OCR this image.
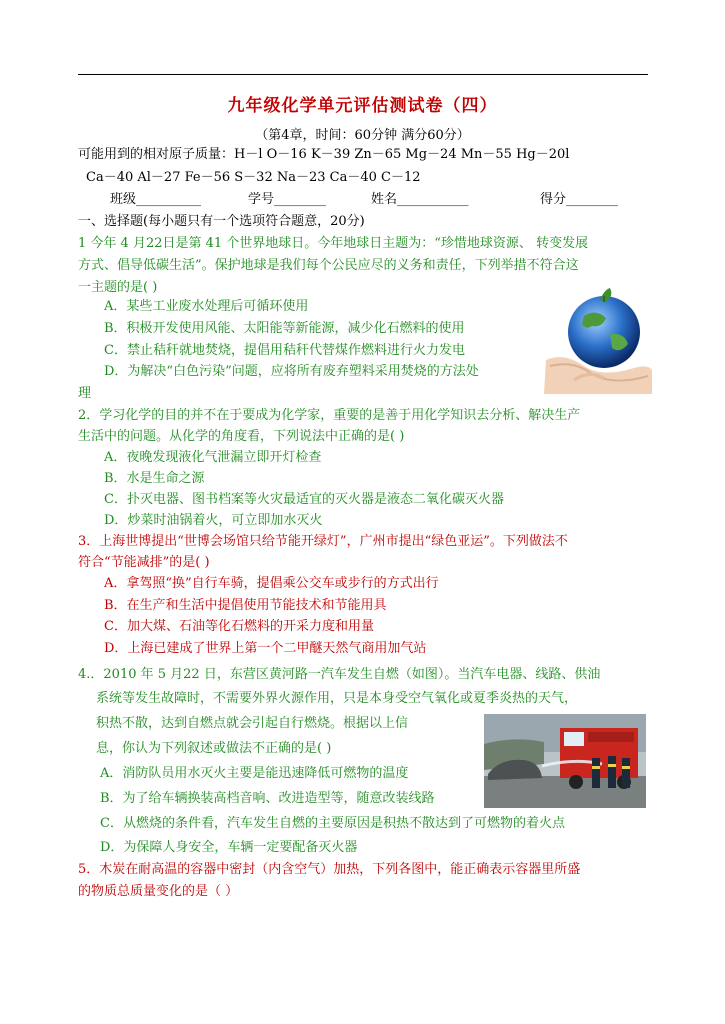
九年级化学单元评估测试卷（四）
（第4章，时间：60分钟 满分60分）
可能用到的相对原子质量：H－l O－16 K－39 Zn－65 Mg－24 Mn－55 Hg－20l
Ca－40 Al－27 Fe－56 S－32 Na－23 Ca－40 C－12
班级__________	学号________	姓名___________	得分________
一、选择题(每小题只有一个选项符合题意，20分)
1 今年 4 月22日是第 41 个世界地球日。今年地球日主题为：“珍惜地球资源、 转变发展
方式、倡导低碳生活”。保护地球是我们每个公民应尽的义务和责任，下列举措不符合这
一主题的是( )
A．某些工业废水处理后可循环使用
B．积极开发使用风能、太阳能等新能源，减少化石燃料的使用
C．禁止秸秆就地焚烧，提倡用秸秆代替煤作燃料进行火力发电
D．为解决“白色污染”问题，应将所有废弃塑料采用焚烧的方法处
理
2．学习化学的目的并不在于要成为化学家，重要的是善于用化学知识去分析、解决生产
生活中的问题。从化学的角度看，下列说法中正确的是( )
A．夜晚发现液化气泄漏立即开灯检查
B．水是生命之源
C．扑灭电器、图书档案等火灾最适宜的灭火器是液态二氧化碳灭火器
D．炒菜时油锅着火，可立即加水灭火
3．上海世博提出“世博会场馆只给节能开绿灯”，广州市提出“绿色亚运”。下列做法不
符合“节能减排”的是( )
A．拿驾照“换”自行车骑，提倡乘公交车或步行的方式出行
B．在生产和生活中提倡使用节能技术和节能用具
C．加大煤、石油等化石燃料的开采力度和用量
D．上海已建成了世界上第一个二甲醚天然气商用加气站
4.．2010 年 5 月22 日，东营区黄河路一汽车发生自燃（如图）。当汽车电器、线路、供油
系统等发生故障时，不需要外界火源作用，只是本身受空气氧化或夏季炎热的天气，
积热不散，达到自燃点就会引起自行燃烧。根据以上信
息，你认为下列叙述或做法不正确的是( )
A．消防队员用水灭火主要是能迅速降低可燃物的温度
B．为了给车辆换装高档音响、改进造型等，随意改装线路
C．从燃烧的条件看，汽车发生自燃的主要原因是积热不散达到了可燃物的着火点
D．为保障人身安全，车辆一定要配备灭火器
5．木炭在耐高温的容器中密封（内含空气）加热，下列各图中，能正确表示容器里所盛
的物质总质量变化的是（ ）
